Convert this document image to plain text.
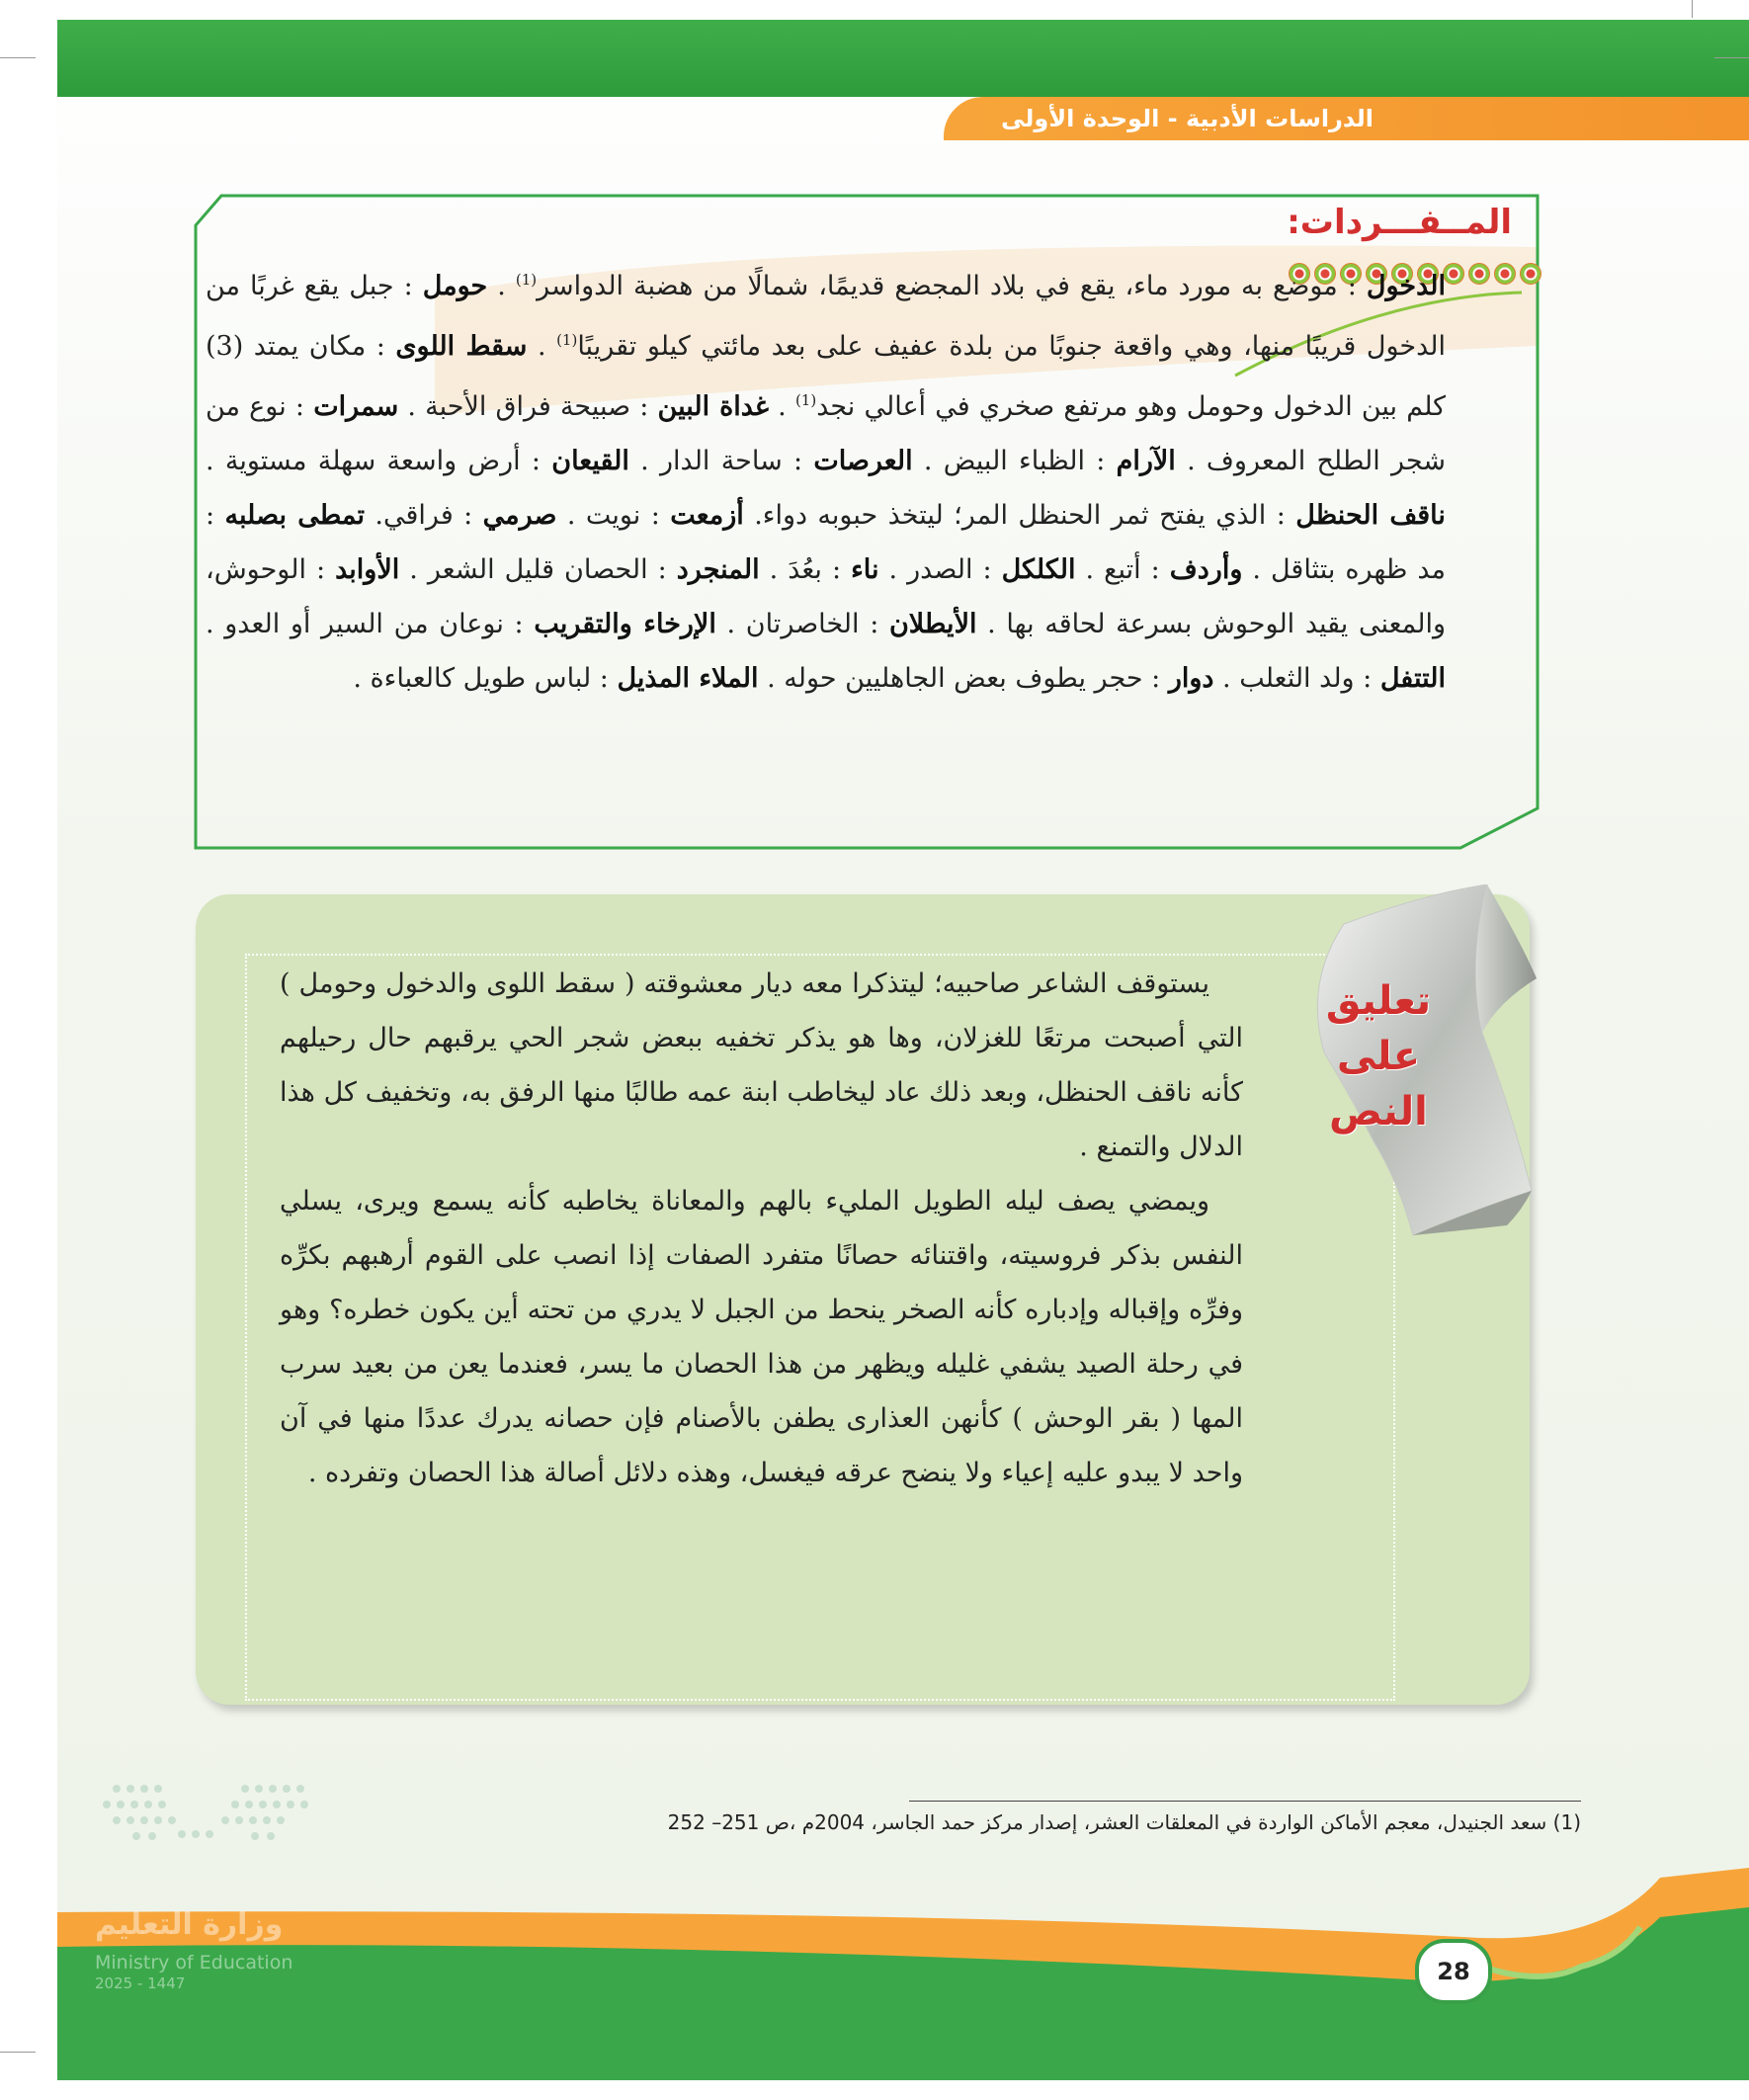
الدراسات الأدبية - الوحدة الأولى
المــفـــردات:
الدخول : موضع به مورد ماء، يقع في بلاد المجضع قديمًا، شمالًا من هضبة الدواسر$^{(1)}$ . حومل : جبل يقع غربًا من الدخول قريبًا منها، وهي واقعة جنوبًا من بلدة عفيف على بعد مائتي كيلو تقريبًا$^{(1)}$ . سقط اللوى : مكان يمتد (3) كلم بين الدخول وحومل وهو مرتفع صخري في أعالي نجد$^{(1)}$ . غداة البين : صبيحة فراق الأحبة . سمرات : نوع من شجر الطلح المعروف . الآرام : الظباء البيض . العرصات : ساحة الدار . القيعان : أرض واسعة سهلة مستوية . ناقف الحنظل : الذي يفتح ثمر الحنظل المر؛ ليتخذ حبوبه دواء. أزمعت : نويت . صرمي : فراقي. تمطى بصلبه : مد ظهره بتثاقل . وأردف : أتبع . الكلكل : الصدر . ناء : بعُدَ . المنجرد : الحصان قليل الشعر . الأوابد : الوحوش، والمعنى يقيد الوحوش بسرعة لحاقه بها . الأيطلان : الخاصرتان . الإرخاء والتقريب : نوعان من السير أو العدو . التتفل : ولد الثعلب . دوار : حجر يطوف بعض الجاهليين حوله . الملاء المذيل : لباس طويل كالعباءة .
تعليق
على
النص

يستوقف الشاعر صاحبيه؛ ليتذكرا معه ديار معشوقته ( سقط اللوى والدخول وحومل ) التي أصبحت مرتعًا للغزلان، وها هو يذكر تخفيه ببعض شجر الحي يرقبهم حال رحيلهم كأنه ناقف الحنظل، وبعد ذلك عاد ليخاطب ابنة عمه طالبًا منها الرفق به، وتخفيف كل هذا الدلال والتمنع .

ويمضي يصف ليله الطويل المليء بالهم والمعاناة يخاطبه كأنه يسمع ويرى، يسلي النفس بذكر فروسيته، واقتنائه حصانًا متفرد الصفات إذا انصب على القوم أرهبهم بكرِّه وفرِّه وإقباله وإدباره كأنه الصخر ينحط من الجبل لا يدري من تحته أين يكون خطره؟ وهو في رحلة الصيد يشفي غليله ويظهر من هذا الحصان ما يسر، فعندما يعن من بعيد سرب المها ( بقر الوحش ) كأنهن العذارى يطفن بالأصنام فإن حصانه يدرك عددًا منها في آن واحد لا يبدو عليه إعياء ولا ينضح عرقه فيغسل، وهذه دلائل أصالة هذا الحصان وتفرده .

(1) سعد الجنيدل، معجم الأماكن الواردة في المعلقات العشر، إصدار مركز حمد الجاسر، 2004م ،ص 251– 252
28
وزارة التعليم
Ministry of Education
2025 - 1447
